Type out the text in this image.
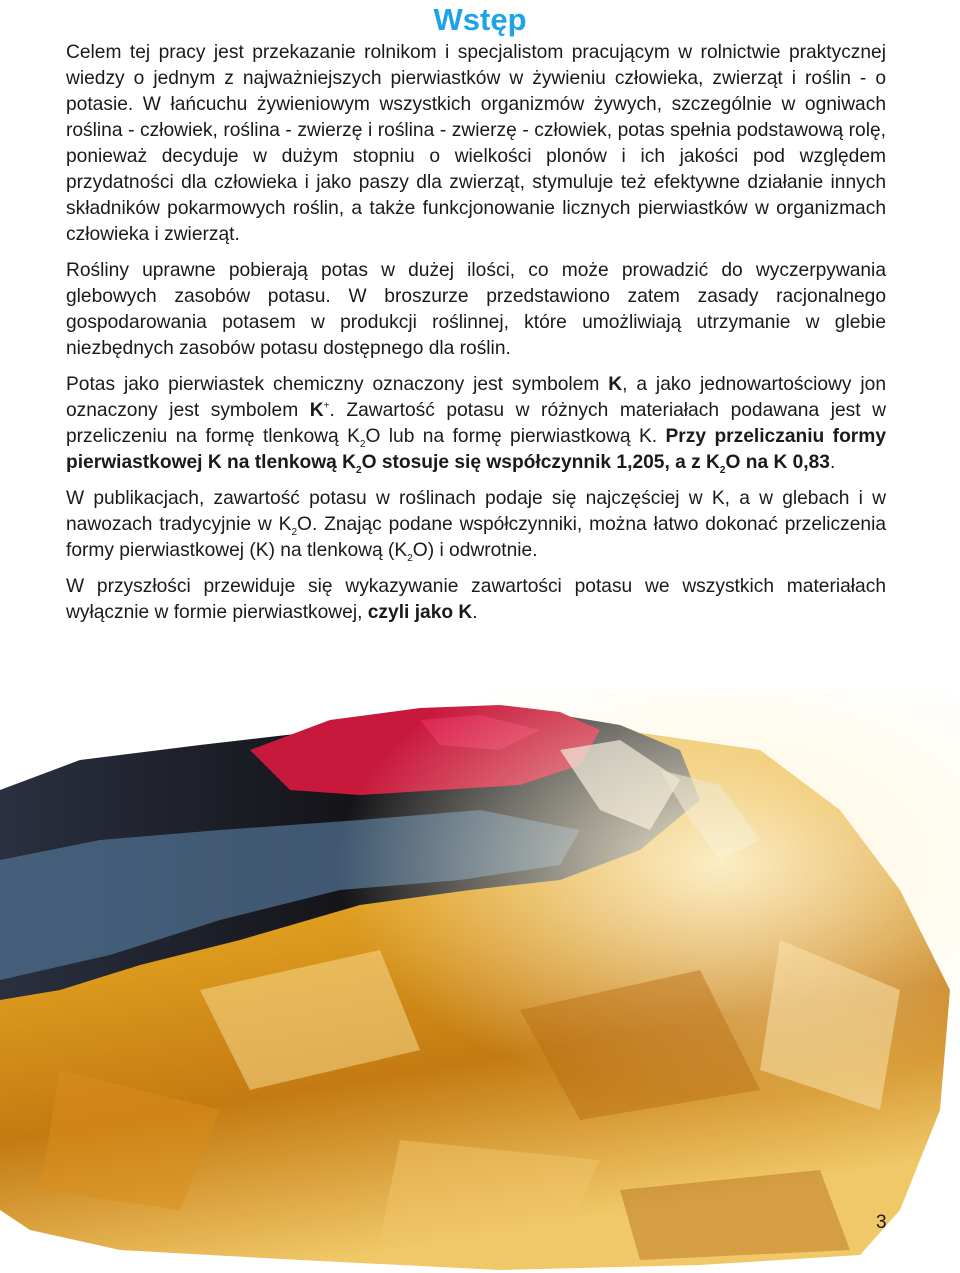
Wstęp

Celem tej pracy jest przekazanie rolnikom i specjalistom pracującym w rolnictwie praktycznej wiedzy o jednym z najważniejszych pierwiastków w żywieniu człowieka, zwierząt i roślin - o potasie. W łańcuchu żywieniowym wszystkich organizmów żywych, szczególnie w ogniwach roślina - człowiek, roślina - zwierzę i roślina - zwierzę - człowiek, potas spełnia podstawową rolę, ponieważ decyduje w dużym stopniu o wielkości plonów i ich jakości pod względem przydatności dla człowieka i jako paszy dla zwierząt, stymuluje też efektywne działanie innych składników pokarmowych roślin, a także funkcjonowanie licznych pierwiastków w organizmach człowieka i zwierząt.

Rośliny uprawne pobierają potas w dużej ilości, co może prowadzić do wyczerpywania glebowych zasobów potasu. W broszurze przedstawiono zatem zasady racjonalnego gospodarowania potasem w produkcji roślinnej, które umożliwiają utrzymanie w glebie niezbędnych zasobów potasu dostępnego dla roślin.

Potas jako pierwiastek chemiczny oznaczony jest symbolem K, a jako jednowartościowy jon oznaczony jest symbolem K+. Zawartość potasu w różnych materiałach podawana jest w przeliczeniu na formę tlenkową $K_2O$ lub na formę pierwiastkową K. Przy przeliczaniu formy pierwiastkowej K na tlenkową $K_2O$ stosuje się współczynnik 1,205, a z $K_2O$ na K 0,83.

W publikacjach, zawartość potasu w roślinach podaje się najczęściej w K, a w glebach i w nawozach tradycyjnie w $K_2O$. Znając podane współczynniki, można łatwo dokonać przeliczenia formy pierwiastkowej (K) na tlenkową $(K_2O)$ i odwrotnie.

W przyszłości przewiduje się wykazywanie zawartości potasu we wszystkich materiałach wyłącznie w formie pierwiastkowej, czyli jako K.

3
